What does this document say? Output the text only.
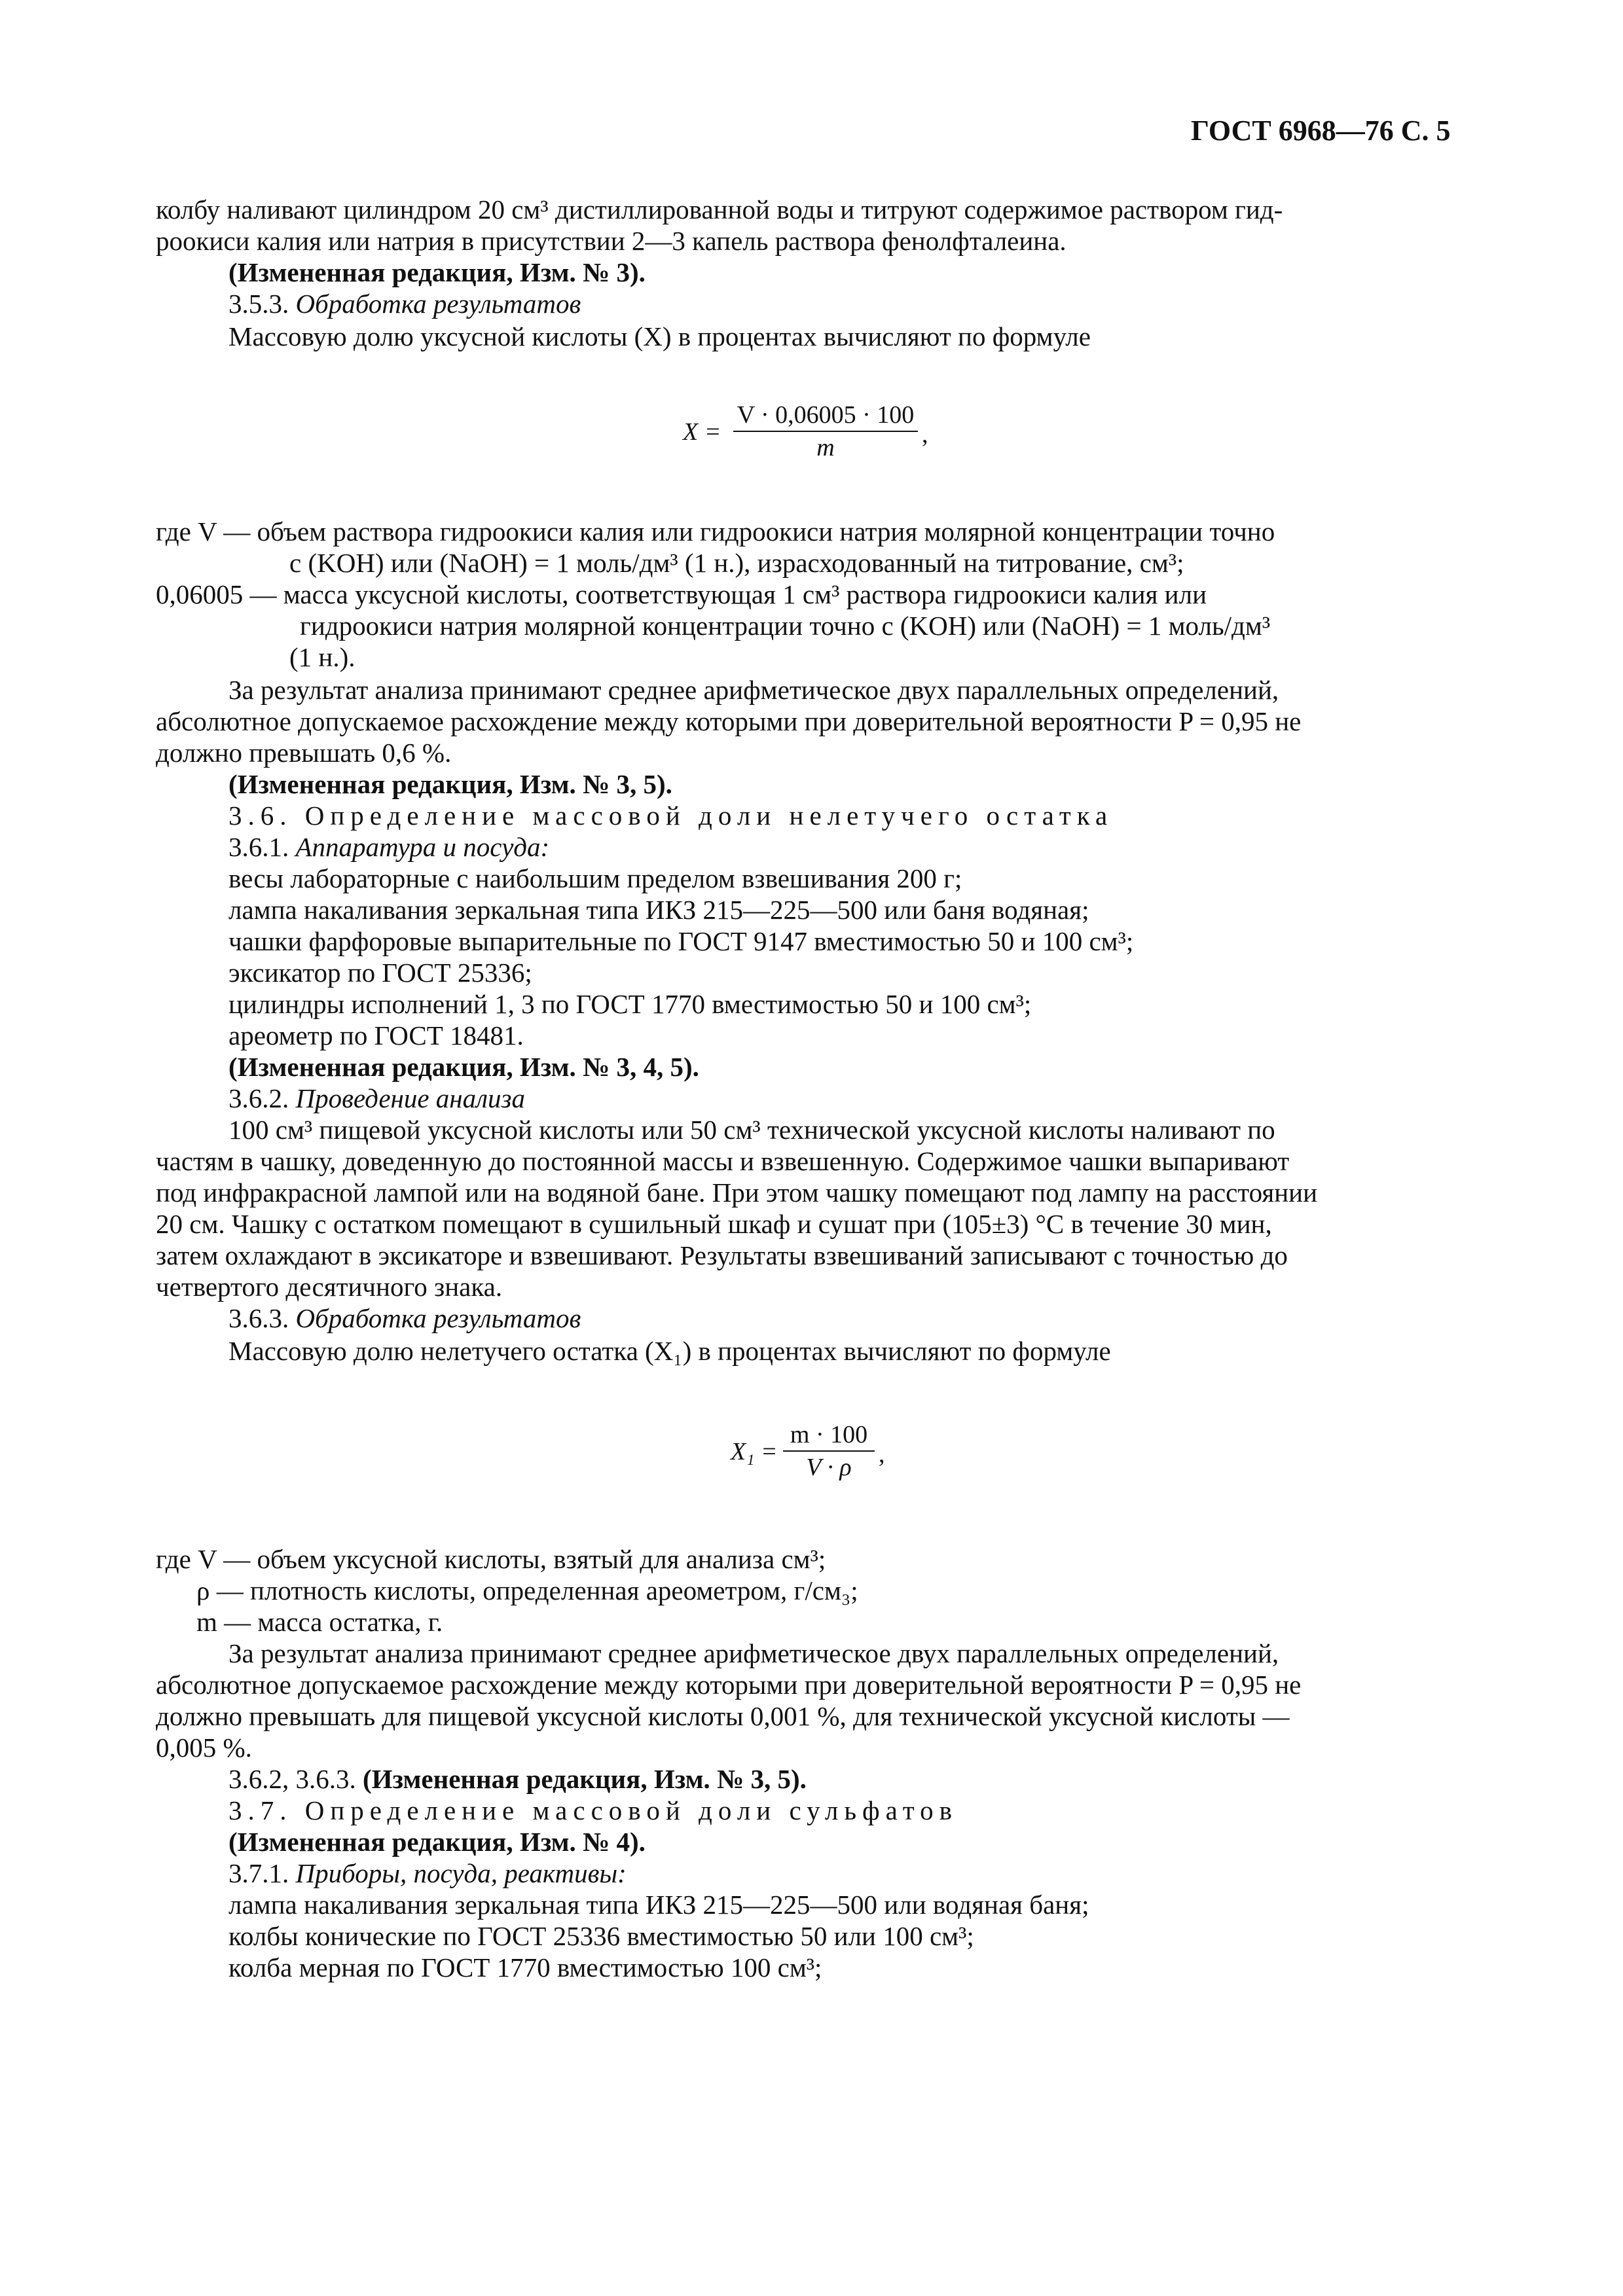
ГОСТ 6968—76 С. 5
колбу наливают цилиндром 20 см³ дистиллированной воды и титруют содержимое раствором гид-
роокиси калия или натрия в присутствии 2—3 капель раствора фенолфталеина.
(Измененная редакция, Изм. № 3).
3.5.3. Обработка результатов
Массовую долю уксусной кислоты (X) в процентах вычисляют по формуле
X =
V · 0,06005 · 100
m	,
где V — объем раствора гидроокиси калия или гидроокиси натрия молярной концентрации точно
c (KOH) или (NaOH) = 1 моль/дм³ (1 н.), израсходованный на титрование, см³;
0,06005 — масса уксусной кислоты, соответствующая 1 см³ раствора гидроокиси калия или
гидроокиси натрия молярной концентрации точно c (KOH) или (NaOH) = 1 моль/дм³
(1 н.).
За результат анализа принимают среднее арифметическое двух параллельных определений,
абсолютное допускаемое расхождение между которыми при доверительной вероятности P = 0,95 не
должно превышать 0,6 %.
(Измененная редакция, Изм. № 3, 5).
3.6. Определение массовой доли нелетучего остатка
3.6.1. Аппаратура и посуда:
весы лабораторные с наибольшим пределом взвешивания 200 г;
лампа накаливания зеркальная типа ИКЗ 215—225—500 или баня водяная;
чашки фарфоровые выпарительные по ГОСТ 9147 вместимостью 50 и 100 см³;
эксикатор по ГОСТ 25336;
цилиндры исполнений 1, 3 по ГОСТ 1770 вместимостью 50 и 100 см³;
ареометр по ГОСТ 18481.
(Измененная редакция, Изм. № 3, 4, 5).
3.6.2. Проведение анализа
100 см³ пищевой уксусной кислоты или 50 см³ технической уксусной кислоты наливают по
частям в чашку, доведенную до постоянной массы и взвешенную. Содержимое чашки выпаривают
под инфракрасной лампой или на водяной бане. При этом чашку помещают под лампу на расстоянии
20 см. Чашку с остатком помещают в сушильный шкаф и сушат при (105±3) °С в течение 30 мин,
затем охлаждают в эксикаторе и взвешивают. Результаты взвешиваний записывают с точностью до
четвертого десятичного знака.
3.6.3. Обработка результатов
Массовую долю нелетучего остатка (X₁) в процентах вычисляют по формуле
X₁ =
m · 100
V · ρ	,
где V — объем уксусной кислоты, взятый для анализа см³;
ρ — плотность кислоты, определенная ареометром, г/см₃;
m — масса остатка, г.
За результат анализа принимают среднее арифметическое двух параллельных определений,
абсолютное допускаемое расхождение между которыми при доверительной вероятности P = 0,95 не
должно превышать для пищевой уксусной кислоты 0,001 %, для технической уксусной кислоты —
0,005 %.
3.6.2, 3.6.3. (Измененная редакция, Изм. № 3, 5).
3.7. Определение массовой доли сульфатов
(Измененная редакция, Изм. № 4).
3.7.1. Приборы, посуда, реактивы:
лампа накаливания зеркальная типа ИКЗ 215—225—500 или водяная баня;
колбы конические по ГОСТ 25336 вместимостью 50 или 100 см³;
колба мерная по ГОСТ 1770 вместимостью 100 см³;
